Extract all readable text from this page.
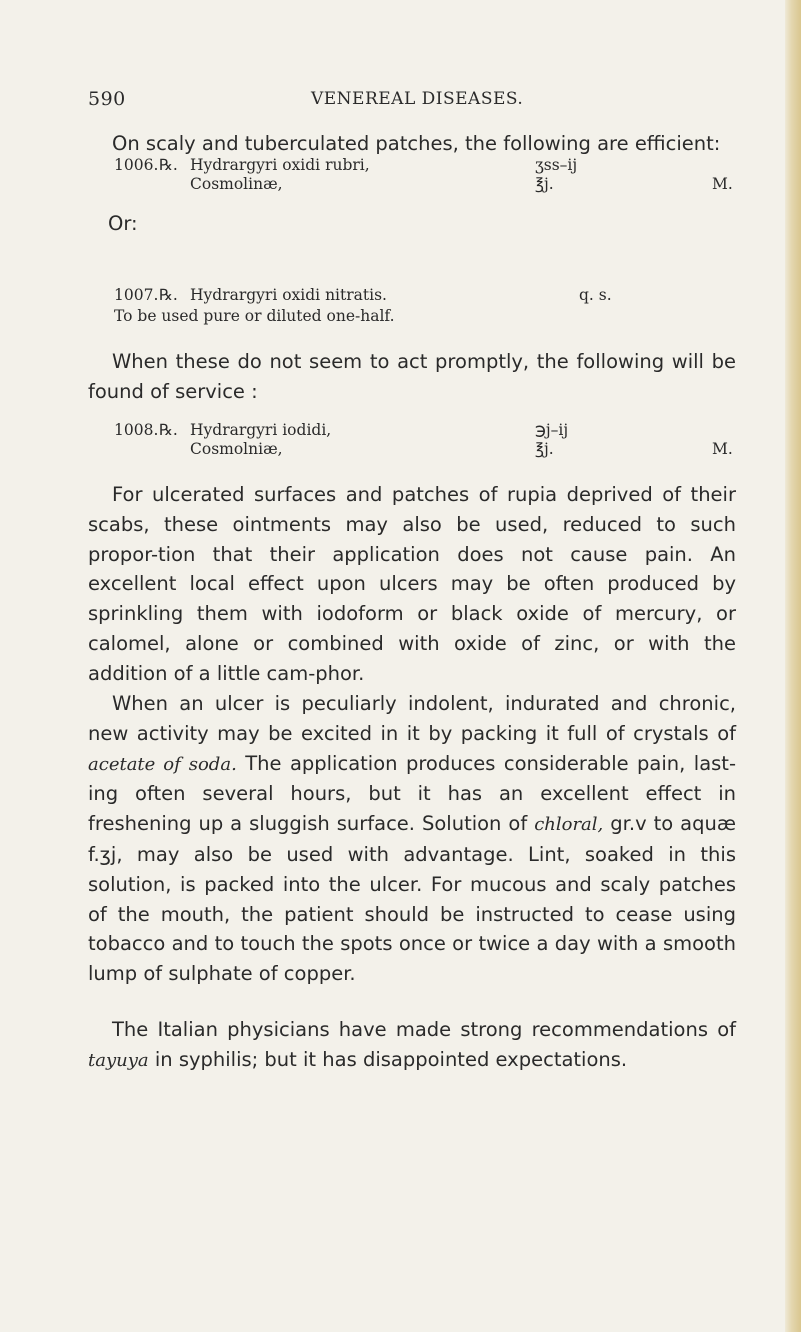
590	VENEREAL DISEASES.

On scaly and tuberculated patches, the following are efficient:

1006. ℞. Hydrargyri oxidi rubri,	ʒss–ij
Cosmolinæ,	℥j.	M.
Or:
1007. ℞. Hydrargyri oxidi nitratis.	q. s.
To be used pure or diluted one-half.

When these do not seem to act promptly, the following will be found of service :

1008. ℞. Hydrargyri iodidi,	℈j–ij
Cosmolniæ,	℥j.	M.

For ulcerated surfaces and patches of rupia deprived of their scabs, these ointments may also be used, reduced to such propor-tion that their application does not cause pain. An excellent local effect upon ulcers may be often produced by sprinkling them with iodoform or black oxide of mercury, or calomel, alone or combined with oxide of zinc, or with the addition of a little cam-phor.

When an ulcer is peculiarly indolent, indurated and chronic, new activity may be excited in it by packing it full of crystals of acetate of soda. The application produces considerable pain, last-ing often several hours, but it has an excellent effect in freshening up a sluggish surface. Solution of chloral, gr.v to aquæ f.ʒj, may also be used with advantage. Lint, soaked in this solution, is packed into the ulcer. For mucous and scaly patches of the mouth, the patient should be instructed to cease using tobacco and to touch the spots once or twice a day with a smooth lump of sulphate of copper.

The Italian physicians have made strong recommendations of tayuya in syphilis; but it has disappointed expectations.
